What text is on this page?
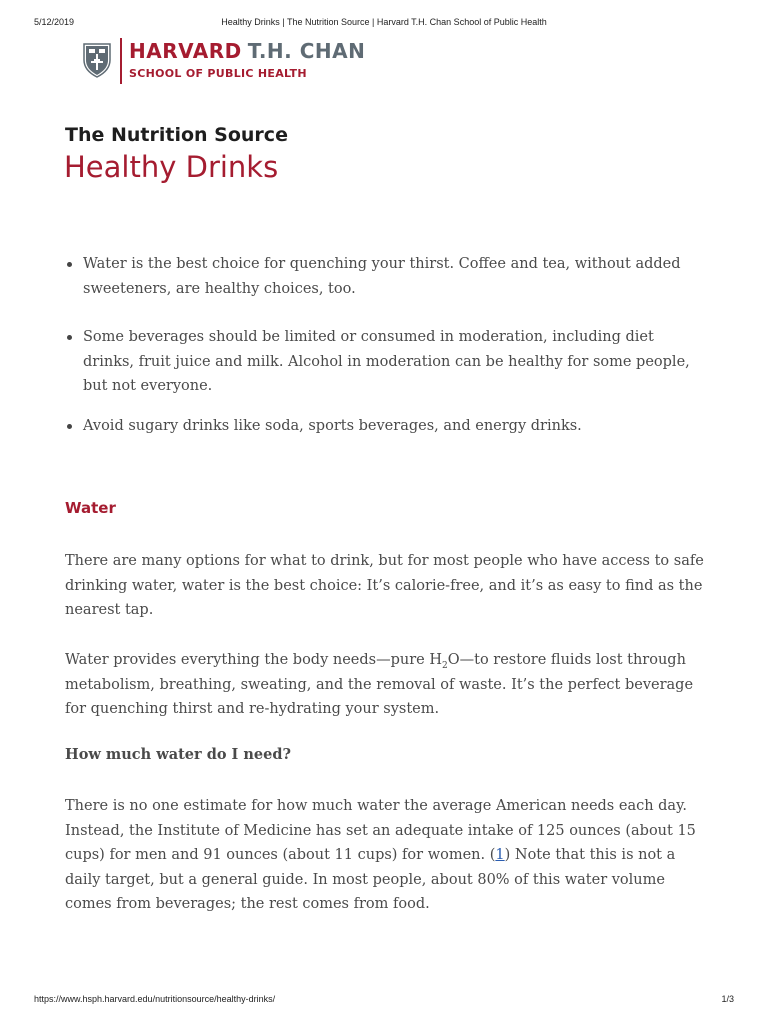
5/12/2019	Healthy Drinks | The Nutrition Source | Harvard T.H. Chan School of Public Health
HARVARD T.H. CHAN
SCHOOL OF PUBLIC HEALTH
The Nutrition Source
Healthy Drinks
Water is the best choice for quenching your thirst. Coffee and tea, without added sweeteners, are healthy choices, too.
Some beverages should be limited or consumed in moderation, including diet drinks, fruit juice and milk. Alcohol in moderation can be healthy for some people, but not everyone.
Avoid sugary drinks like soda, sports beverages, and energy drinks.
Water

There are many options for what to drink, but for most people who have access to safe drinking water, water is the best choice: It’s calorie-free, and it’s as easy to find as the nearest tap.

Water provides everything the body needs—pure $H_2O—to$ restore fluids lost through metabolism, breathing, sweating, and the removal of waste. It’s the perfect beverage for quenching thirst and re-hydrating your system.

How much water do I need?

There is no one estimate for how much water the average American needs each day. Instead, the Institute of Medicine has set an adequate intake of 125 ounces (about 15 cups) for men and 91 ounces (about 11 cups) for women. (1) Note that this is not a daily target, but a general guide. In most people, about 80% of this water volume comes from beverages; the rest comes from food.

https://www.hsph.harvard.edu/nutritionsource/healthy-drinks/	1/3
